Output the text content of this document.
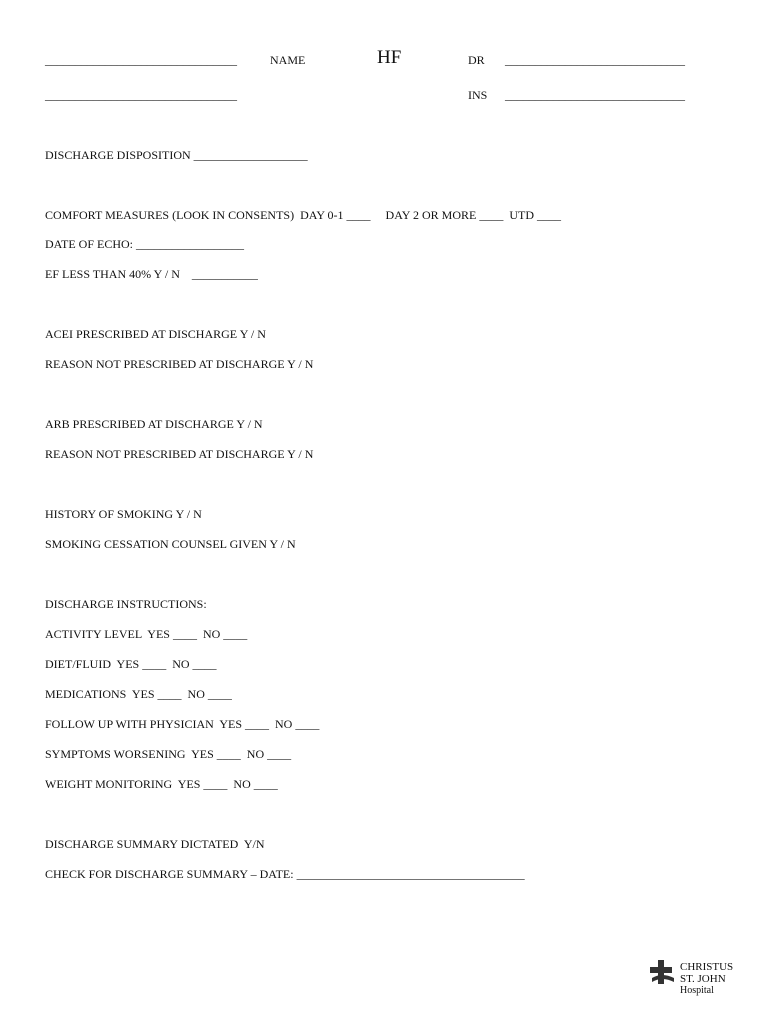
________________________________	NAME	HF	DR ______________________________
________________________________	INS ______________________________
DISCHARGE DISPOSITION ___________________
COMFORT MEASURES (LOOK IN CONSENTS)  DAY 0-1 ____     DAY 2 OR MORE ____  UTD ____
DATE OF ECHO: __________________
EF LESS THAN 40% Y / N    ___________
ACEI PRESCRIBED AT DISCHARGE Y / N
REASON NOT PRESCRIBED AT DISCHARGE Y / N
ARB PRESCRIBED AT DISCHARGE Y / N
REASON NOT PRESCRIBED AT DISCHARGE Y / N
HISTORY OF SMOKING Y / N
SMOKING CESSATION COUNSEL GIVEN Y / N
DISCHARGE INSTRUCTIONS:
ACTIVITY LEVEL  YES ____  NO ____
DIET/FLUID  YES ____  NO ____
MEDICATIONS  YES ____  NO ____
FOLLOW UP WITH PHYSICIAN  YES ____  NO ____
SYMPTOMS WORSENING  YES ____  NO ____
WEIGHT MONITORING  YES ____  NO ____
DISCHARGE SUMMARY DICTATED  Y/N
CHECK FOR DISCHARGE SUMMARY – DATE: ______________________________________
CHRISTUS
ST. JOHN
Hospital
